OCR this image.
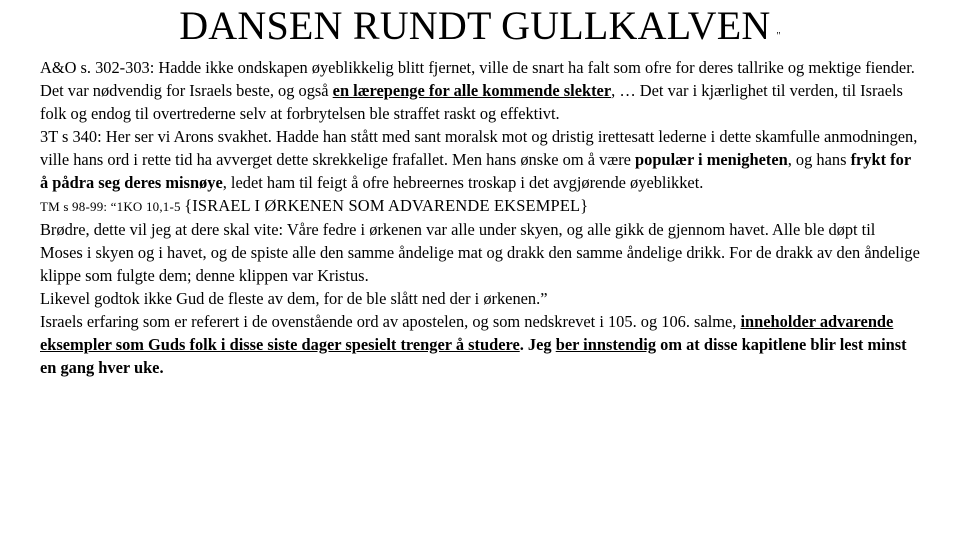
DANSEN RUNDT GULLKALVEN "

A&O s. 302-303: Hadde ikke ondskapen øyeblikkelig blitt fjernet, ville de snart ha falt som ofre for deres tallrike og mektige fiender. Det var nødvendig for Israels beste, og også en lærepenge for alle kommende slekter, … Det var i kjærlighet til verden, til Israels folk og endog til overtrederne selv at forbrytelsen ble straffet raskt og effektivt.

3T s 340: Her ser vi Arons svakhet. Hadde han stått med sant moralsk mot og dristig irettesatt lederne i dette skamfulle anmodningen, ville hans ord i rette tid ha avverget dette skrekkelige frafallet. Men hans ønske om å være populær i menigheten, og hans frykt for å pådra seg deres misnøye, ledet ham til feigt å ofre hebreernes troskap i det avgjørende øyeblikket.

TM s 98-99: “1KO 10,1-5 {ISRAEL I ØRKENEN SOM ADVARENDE EKSEMPEL}

Brødre, dette vil jeg at dere skal vite: Våre fedre i ørkenen var alle under skyen, og alle gikk de gjennom havet. Alle ble døpt til Moses i skyen og i havet, og de spiste alle den samme åndelige mat og drakk den samme åndelige drikk. For de drakk av den åndelige klippe som fulgte dem; denne klippen var Kristus.

Likevel godtok ikke Gud de fleste av dem, for de ble slått ned der i ørkenen.”

Israels erfaring som er referert i de ovenstående ord av apostelen, og som nedskrevet i 105. og 106. salme, inneholder advarende eksempler som Guds folk i disse siste dager spesielt trenger å studere. Jeg ber innstendig om at disse kapitlene blir lest minst en gang hver uke.
